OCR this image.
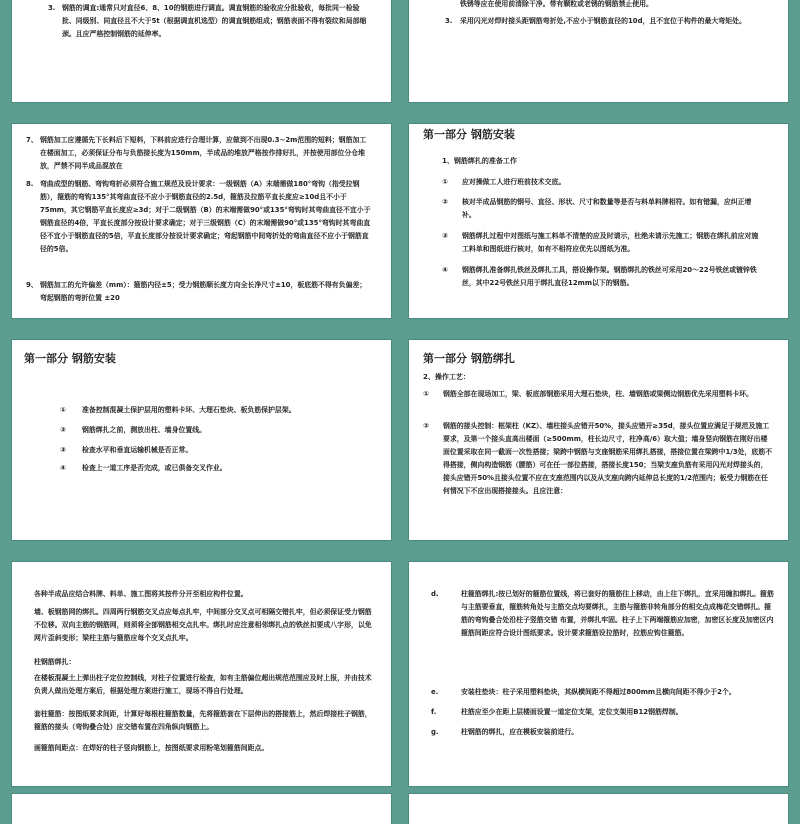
3. 钢筋的调直:通常只对直径6、8、10的钢筋进行调直。调直钢筋的验收应分批验收，每批同一检验批、同级别、同直径且不大于5t（根据调直机选型）的调直钢筋组成；钢筋表面不得有裂纹和局部缩颈。且应严格控制钢筋的延伸率。
铁锈等应在使用前清除干净。带有颗粒或老锈的钢筋禁止使用。
3.	采用闪光对焊时接头距钢筋弯折处,不应小于钢筋直径的10d，且不宜位于构件的最大弯矩处。
7、 钢筋加工应遵循先下长料后下短料，下料前应进行合理计算，应做到不出现0.3~2m范围的短料；钢筋加工在楼面加工，必须保证分布与负筋接长度为150mm，半成品的堆放严格按作排好扎，并按使用部位分仓堆放，严禁不同半成品混放在
8. 弯曲成型的钢筋、弯钩弯折必须符合施工规范及设计要求：一级钢筋（A）末端需做180°弯钩（指受拉钢筋），箍筋的弯钩135°其弯曲直径不应小于钢筋直径的2.5d，箍筋及拉筋平直长度应≥10d且不小于75mm，其它钢筋平直长度应≥3d；对于二级钢筋（B）的末端需做90°或135°弯钩时其弯曲直径不宜小于钢筋直径的4倍，平直长度部分按设计要求确定；对于三级钢筋（C）的末端需做90°或135°弯钩时其弯曲直径不宜小于钢筋直径的5倍，平直长度部分按设计要求确定；弯起钢筋中间弯折处的弯曲直径不应小于钢筋直径的5倍。
9、 钢筋加工的允许偏差（mm）：箍筋内径±5；受力钢筋顺长度方向全长净尺寸±10，板底筋不得有负偏差；弯起钢筋的弯折位置 ±20
第一部分 钢筋安装
1、钢筋绑扎的准备工作
①	应对操做工人进行班前技术交底。
②	核对半成品钢筋的钢号、直径、形状、尺寸和数量等是否与料单料牌相符。如有错漏，应纠正增补。
③	钢筋绑扎过程中对图纸与施工料单不清楚的应及时请示，杜绝未请示先施工；钢筋在绑扎前应对施工料单和图纸进行核对，如有不相符应优先以图纸为准。
④	钢筋绑扎准备绑扎铁丝及绑扎工具，搭设操作架。钢筋绑扎的铁丝可采用20～22号铁丝或镀锌铁丝，其中22号铁丝只用于绑扎直径12mm以下的钢筋。
第一部分 钢筋安装
①	准备控制混凝土保护层用的塑料卡环、大理石垫块、板负筋保护层架。
②	钢筋绑扎之前，测放出柱、墙身位置线。
③	检查水平和垂直运输机械是否正常。
④	检查上一道工序是否完成，或已俱备交叉作业。
第一部分 钢筋绑扎
2、操作工艺：
①	钢筋全部在现场加工，梁、板底部钢筋采用大理石垫块，柱、墙钢筋或梁侧边钢筋优先采用塑料卡环。
②	钢筋的接头控制：框架柱（KZ）、墙柱接头应错开50%，接头应错开≥35d，接头位置应满足于规范及施工要求，及第一个接头直高出楼面（≥500mm，柱长边尺寸，柱净高/6）取大值；墙身竖向钢筋在刚好出楼面位置采取在同一截面一次性搭接；梁跨中钢筋与支座钢筋采用绑扎搭接，搭接位置在梁跨中1/3处，底筋不得搭接，侧向构造钢筋（腰筋）可在任一部位搭接，搭接长度150；当梁支座负筋有采用闪光对焊接头的，接头应错开50%且接头位置不应在支座范围内以及从支座向跨内延伸总长度的1/2范围内；板受力钢筋在任何情况下不应出现搭接接头。且应注意：
各种半成品应结合料牌、料单、施工图将其按件分开至相应构件位置。
墙、板钢筋网的绑扎。四周两行钢筋交叉点应每点扎牢，中间部分交叉点可相隔交错扎牢，但必须保证受力钢筋不位移。双向主筋的钢筋网，则须将全部钢筋相交点扎牢。绑扎时应注意相邻绑扎点的铁丝扣要成八字形，以免网片歪斜变形；梁柱主筋与箍筋应每个交叉点扎牢。
柱钢筋绑扎：
在楼板混凝土上弹出柱子定位控制线，对柱子位置进行检查，如有主筋偏位超出规范范围应及时上报，并由技术负责人做出处理方案后，根据处理方案进行施工，现场不得自行处理。
套柱箍筋：按图纸要求间距，计算好每根柱箍筋数量，先将箍筋套在下层伸出的搭接筋上，然后焊接柱子钢筋，箍筋的接头（弯钩叠合处）应交错布置在四角纵向钢筋上。
画箍筋间距点：在焊好的柱子竖向钢筋上，按图纸要求用粉笔划箍筋间距点。
d.	柱箍筋绑扎:按已划好的箍筋位置线，将已套好的箍筋往上移动，由上往下绑扎，宜采用缠扣绑扎。箍筋与主筋要垂直，箍筋转角处与主筋交点均要绑扎，主筋与箍筋非转角部分的相交点成梅花交错绑扎。箍筋的弯钩叠合处沿柱子竖筋交错 布置，并绑扎牢固。柱子上下两端箍筋应加密，加密区长度及加密区内箍筋间距应符合设计图纸要求。设计要求箍筋设拉筋时，拉筋应钩住箍筋。
e.	安装柱垫块：柱子采用塑料垫块，其纵横间距不得超过800mm且横向间距不得少于2个。
f.	柱筋应至少在距上层楼面设置一道定位支架，定位支架用B12钢筋焊制。
g.	柱钢筋的绑扎，应在模板安装前进行。
